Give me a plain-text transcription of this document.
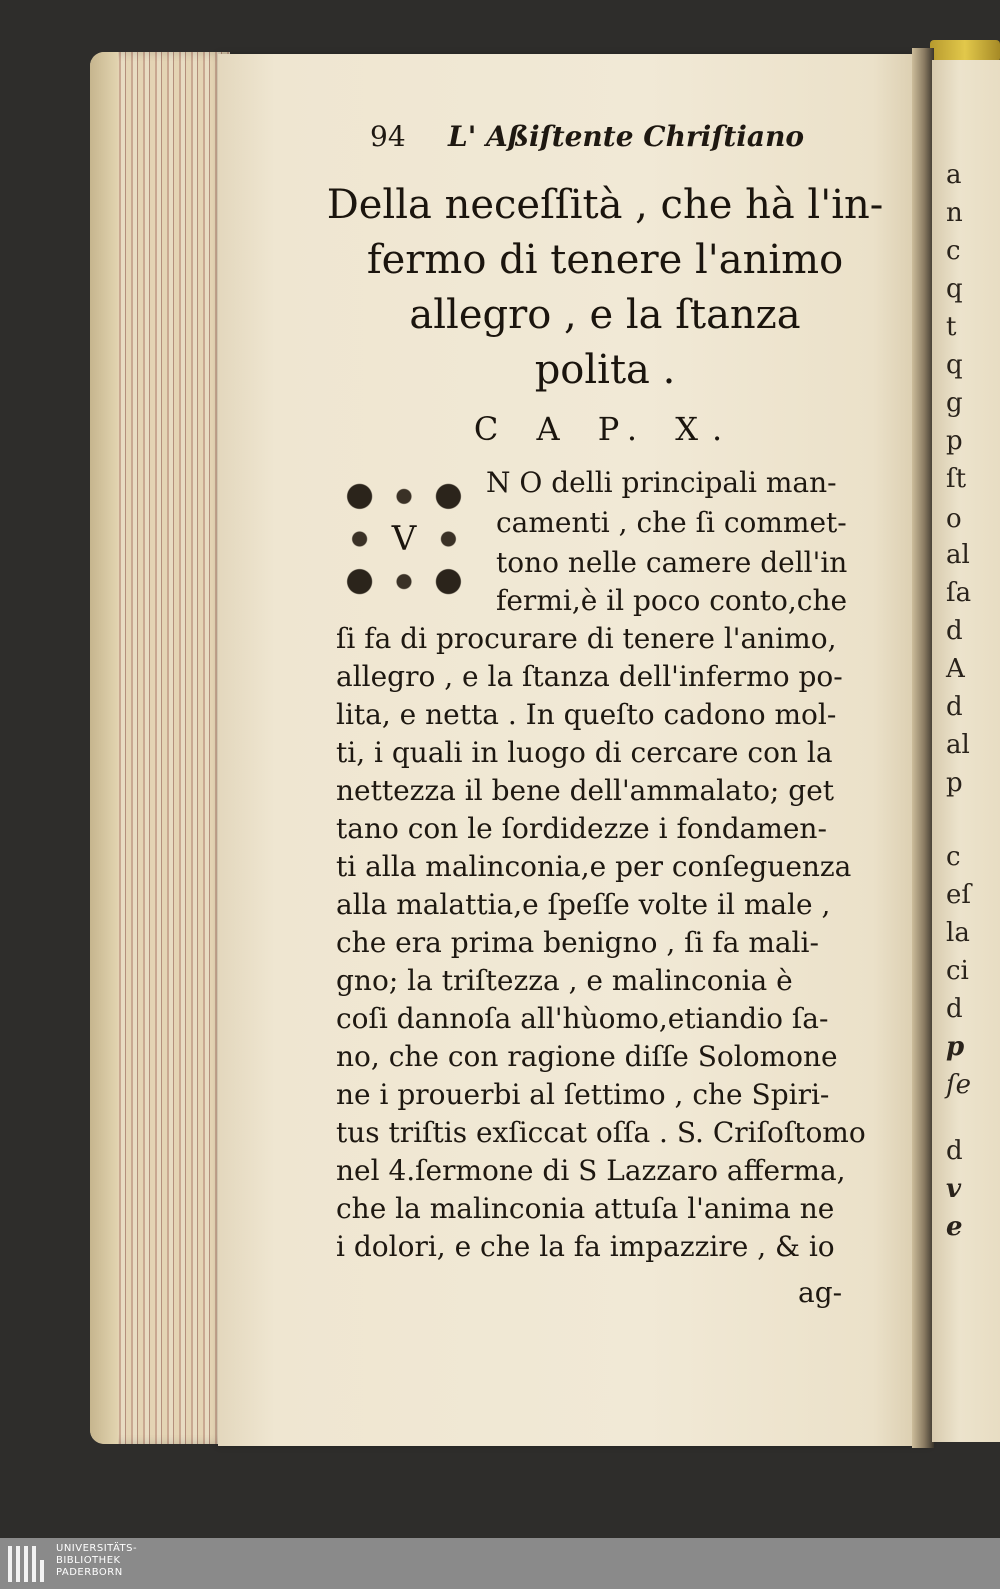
a
n
c
q
t
q
g
p
ſt
o
al
ſa
d
A
d
al
p
c
eſ
la
ci
d
p
ſe
d
v
e
94 L' Aßiſtente Chriſtiano
Della neceſſità , che hà l'in-
fermo di tenere l'animo
allegro , e la ſtanza
polita .
C A P. X.
V
N O delli principali man-
camenti , che ſi commet-
tono nelle camere dell'in
fermi,è il poco conto,che
ſi fa di procurare di tenere l'animo,
allegro , e la ſtanza dell'infermo po-
lita, e netta . In queſto cadono mol-
ti, i quali in luogo di cercare con la
nettezza il bene dell'ammalato; get
tano con le ſordidezze i fondamen-
ti alla malinconia,e per conſeguenza
alla malattia,e ſpeſſe volte il male ,
che era prima benigno , ſi fa mali-
gno; la triſtezza , e malinconia è
coſi dannoſa all'hùomo,etiandio ſa-
no, che con ragione diſſe Solomone
ne i prouerbi al ſettimo , che Spiri-
tus triſtis exſiccat oſſa . S. Criſoſtomo
nel 4.ſermone di S Lazzaro afferma,
che la malinconia attuſa l'anima ne
i dolori, e che la fa impazzire , & io
ag-
UNIVERSITÄTS-
BIBLIOTHEK
PADERBORN
